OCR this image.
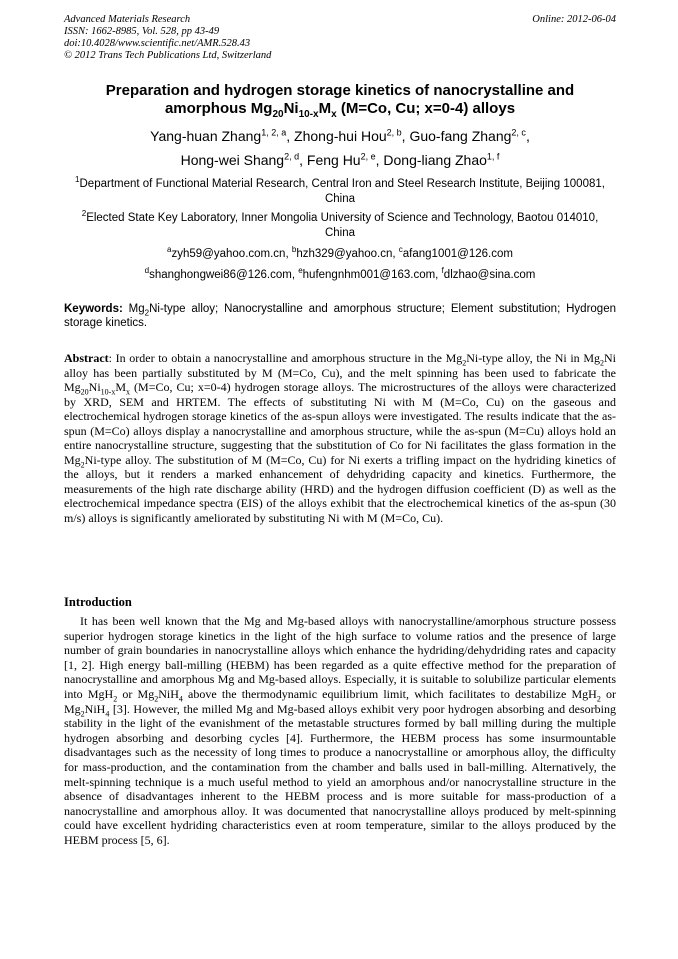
Advanced Materials Research
ISSN: 1662-8985, Vol. 528, pp 43-49
doi:10.4028/www.scientific.net/AMR.528.43
© 2012 Trans Tech Publications Ltd, Switzerland
Online: 2012-06-04
Preparation and hydrogen storage kinetics of nanocrystalline and
amorphous $Mg_{20}Ni_{10-x}M_x$ (M=Co, Cu; x=0-4) alloys
Yang-huan Zhang$^{1, 2, a}$, Zhong-hui Hou$^{2, b}$, Guo-fang Zhang$^{2, c}$,
Hong-wei Shang$^{2, d}$, Feng Hu$^{2, e}$, Dong-liang Zhao$^{1, f}$
$^1$Department of Functional Material Research, Central Iron and Steel Research Institute, Beijing 100081, China
$^2$Elected State Key Laboratory, Inner Mongolia University of Science and Technology, Baotou 014010, China
$^a$zyh59@yahoo.com.cn, $^b$hzh329@yahoo.cn, $^c$afang1001@126.com
$^d$shanghongwei86@126.com, $^e$hufengnhm001@163.com, $^f$dlzhao@sina.com
Keywords: $Mg_2Ni$-type alloy; Nanocrystalline and amorphous structure; Element substitution; Hydrogen storage kinetics.
Abstract: In order to obtain a nanocrystalline and amorphous structure in the $Mg_2Ni$-type alloy, the Ni in $Mg_2Ni$ alloy has been partially substituted by M (M=Co, Cu), and the melt spinning has been used to fabricate the $Mg_{20}Ni_{10-x}M_x$ (M=Co, Cu; x=0-4) hydrogen storage alloys. The microstructures of the alloys were characterized by XRD, SEM and HRTEM. The effects of substituting Ni with M (M=Co, Cu) on the gaseous and electrochemical hydrogen storage kinetics of the as-spun alloys were investigated. The results indicate that the as-spun (M=Co) alloys display a nanocrystalline and amorphous structure, while the as-spun (M=Cu) alloys hold an entire nanocrystalline structure, suggesting that the substitution of Co for Ni facilitates the glass formation in the $Mg_2Ni$-type alloy. The substitution of M (M=Co, Cu) for Ni exerts a trifling impact on the hydriding kinetics of the alloys, but it renders a marked enhancement of dehydriding capacity and kinetics. Furthermore, the measurements of the high rate discharge ability (HRD) and the hydrogen diffusion coefficient (D) as well as the electrochemical impedance spectra (EIS) of the alloys exhibit that the electrochemical kinetics of the as-spun (30 m/s) alloys is significantly ameliorated by substituting Ni with M (M=Co, Cu).
Introduction
It has been well known that the Mg and Mg-based alloys with nanocrystalline/amorphous structure possess superior hydrogen storage kinetics in the light of the high surface to volume ratios and the presence of large number of grain boundaries in nanocrystalline alloys which enhance the hydriding/dehydriding rates and capacity [1, 2]. High energy ball-milling (HEBM) has been regarded as a quite effective method for the preparation of nanocrystalline and amorphous Mg and Mg-based alloys. Especially, it is suitable to solubilize particular elements into MgH$_2$ or $Mg_2NiH_4$ above the thermodynamic equilibrium limit, which facilitates to destabilize MgH$_2$ or $Mg_2NiH_4$ [3]. However, the milled Mg and Mg-based alloys exhibit very poor hydrogen absorbing and desorbing stability in the light of the evanishment of the metastable structures formed by ball milling during the multiple hydrogen absorbing and desorbing cycles [4]. Furthermore, the HEBM process has some insurmountable disadvantages such as the necessity of long times to produce a nanocrystalline or amorphous alloy, the difficulty for mass-production, and the contamination from the chamber and balls used in ball-milling. Alternatively, the melt-spinning technique is a much useful method to yield an amorphous and/or nanocrystalline structure in the absence of disadvantages inherent to the HEBM process and is more suitable for mass-production of a nanocrystalline and amorphous alloy. It was documented that nanocrystalline alloys produced by melt-spinning could have excellent hydriding characteristics even at room temperature, similar to the alloys produced by the HEBM process [5, 6].
